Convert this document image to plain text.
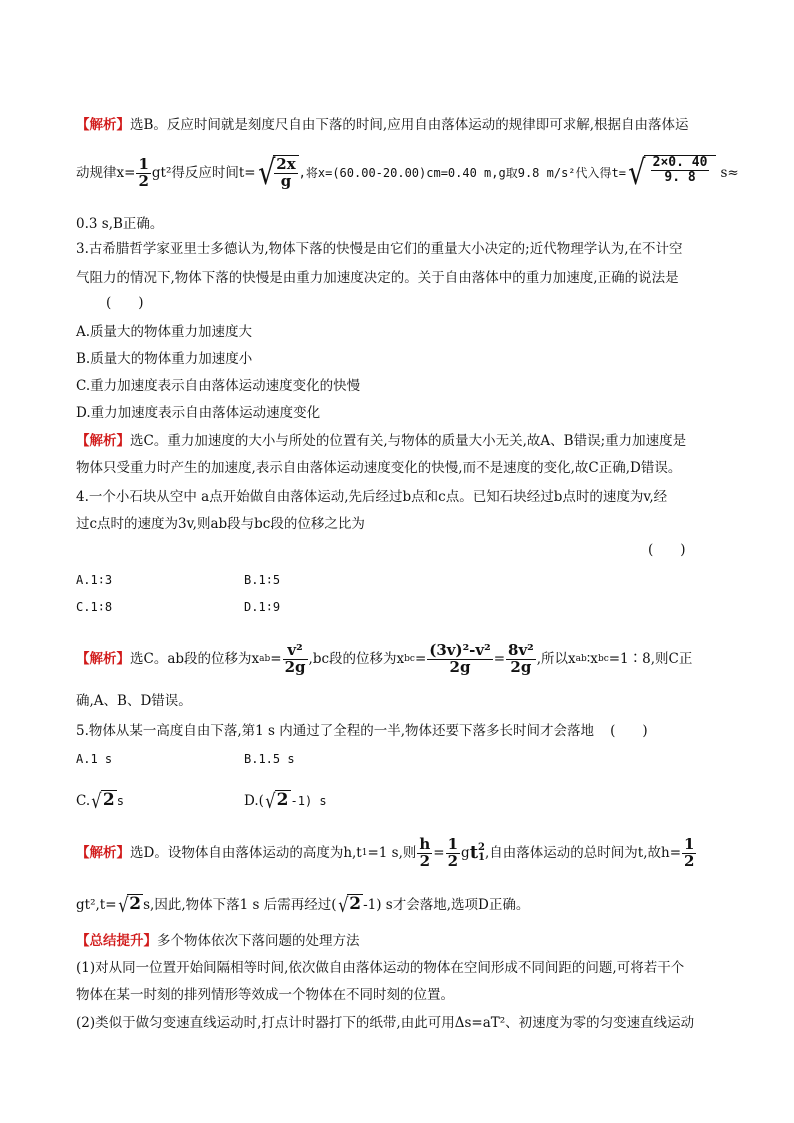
【解析】选B。反应时间就是刻度尺自由下落的时间,应用自由落体运动的规律即可求解,根据自由落体运
动规律$x= \frac{1}{2} gt^2$得反应时间t= √ $\frac{2x}{g}$ ,将x=(60.00-20.00)cm=0.40 m,g取9.8 m/s²代入得t= √ $\frac{2\times 0. 40}{9. 8} s\approx$
0.3 s,B正确。
3.古希腊哲学家亚里士多德认为,物体下落的快慢是由它们的重量大小决定的;近代物理学认为,在不计空
气阻力的情况下,物体下落的快慢是由重力加速度决定的。关于自由落体中的重力加速度,正确的说法是
(　　)
A.质量大的物体重力加速度大
B.质量大的物体重力加速度小
C.重力加速度表示自由落体运动速度变化的快慢
D.重力加速度表示自由落体运动速度变化
【解析】选C。重力加速度的大小与所处的位置有关,与物体的质量大小无关,故A、B错误;重力加速度是
物体只受重力时产生的加速度,表示自由落体运动速度变化的快慢,而不是速度的变化,故C正确,D错误。
4.一个小石块从空中 a点开始做自由落体运动,先后经过b点和c点。已知石块经过b点时的速度为v,经
过c点时的速度为3v,则ab段与bc段的位移之比为
(　　)
A.1∶3	B.1∶5
C.1∶8	D.1∶9
【解析】 选C。ab段的位移为x ab = $\frac{\text{v²}}{2g} ,bc$段的位移为x bc = $\frac{\text{(3v)²-v²}}{2g} = \frac{\text{8v²}}{2g}$ ,所以x ab ∶x bc =1∶8,则C正
确,A、B、D错误。
5.物体从某一高度自由下落,第1 s 内通过了全程的一半,物体还要下落多长时间才会落地 (　　)
A.1 s	B.1.5 s
C. √ 2 s	D.( √ 2 -1) s
【解析】 选D。设物体自由落体运动的高度为h,t 1 =1 s,则 $\frac{h}{2} = \frac{1}{2}$ g t 2
1 ,自由落体运动的总时间为t,故$h= \frac{1}{2}$
gt²,t= √ 2 s,因此,物体下落1 s 后需再经过( √ 2 -1) s才会落地,选项D正确。
【总结提升】多个物体依次下落问题的处理方法
(1)对从同一位置开始间隔相等时间,依次做自由落体运动的物体在空间形成不同间距的问题,可将若干个
物体在某一时刻的排列情形等效成一个物体在不同时刻的位置。
(2)类似于做匀变速直线运动时,打点计时器打下的纸带,由此可用Δs=aT²、初速度为零的匀变速直线运动
